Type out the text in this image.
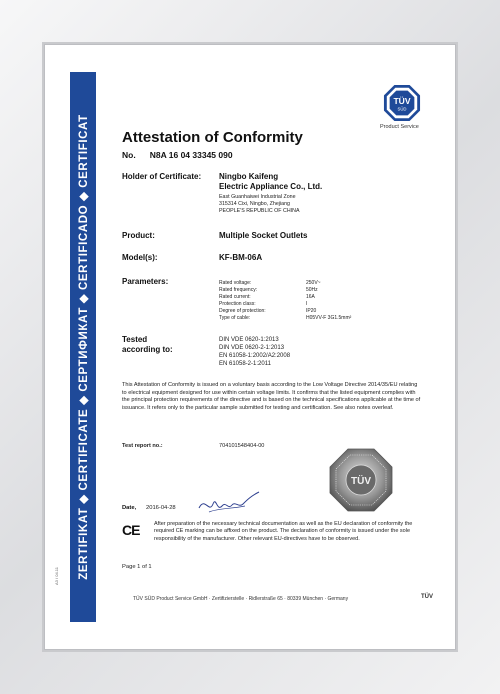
ZERTIFIKAT ◆ CERTIFICATE ◆ СЕРТИФИКАТ ◆ CERTIFICADO ◆ CERTIFICAT
A3 / 04.11
TÜV
SÜD
Product Service
Attestation of Conformity
No. N8A 16 04 33345 090
Holder of Certificate: Ningbo Kaifeng
Electric Appliance Co., Ltd.
East Guanhaiwei Industrial Zone
315314 Cixi, Ningbo, Zhejiang
PEOPLE'S REPUBLIC OF CHINA
Product:	Multiple Socket Outlets
Model(s):	KF-BM-06A
Parameters:	Rated voltage:	250V~
Rated frequency:	50Hz
Rated current:	16A
Protection class:	I
Degree of protection:	IP20
Type of cable:	H05VV-F 3G1.5mm²
Tested
according to:
DIN VDE 0620-1:2013
DIN VDE 0620-2-1:2013
EN 61058-1:2002/A2:2008
EN 61058-2-1:2011
This Attestation of Conformity is issued on a voluntary basis according to the Low Voltage Directive 2014/35/EU relating to electrical equipment designed for use within certain voltage limits. It confirms that the listed equipment complies with the principal protection requirements of the directive and is based on the technical specifications applicable at the time of issuance. It refers only to the particular sample submitted for testing and certification. See also notes overleaf.
Test report no.:	704101548404-00
TÜV
Date, 2016-04-28
CE	After preparation of the necessary technical documentation as well as the EU declaration of conformity the required CE marking can be affixed on the product. The declaration of conformity is issued under the sole responsibility of the manufacturer. Other relevant EU-directives have to be observed.
Page 1 of 1
TÜV SÜD Product Service GmbH · Zertifizierstelle · Ridlerstraße 65 · 80339 München · Germany	TÜV
